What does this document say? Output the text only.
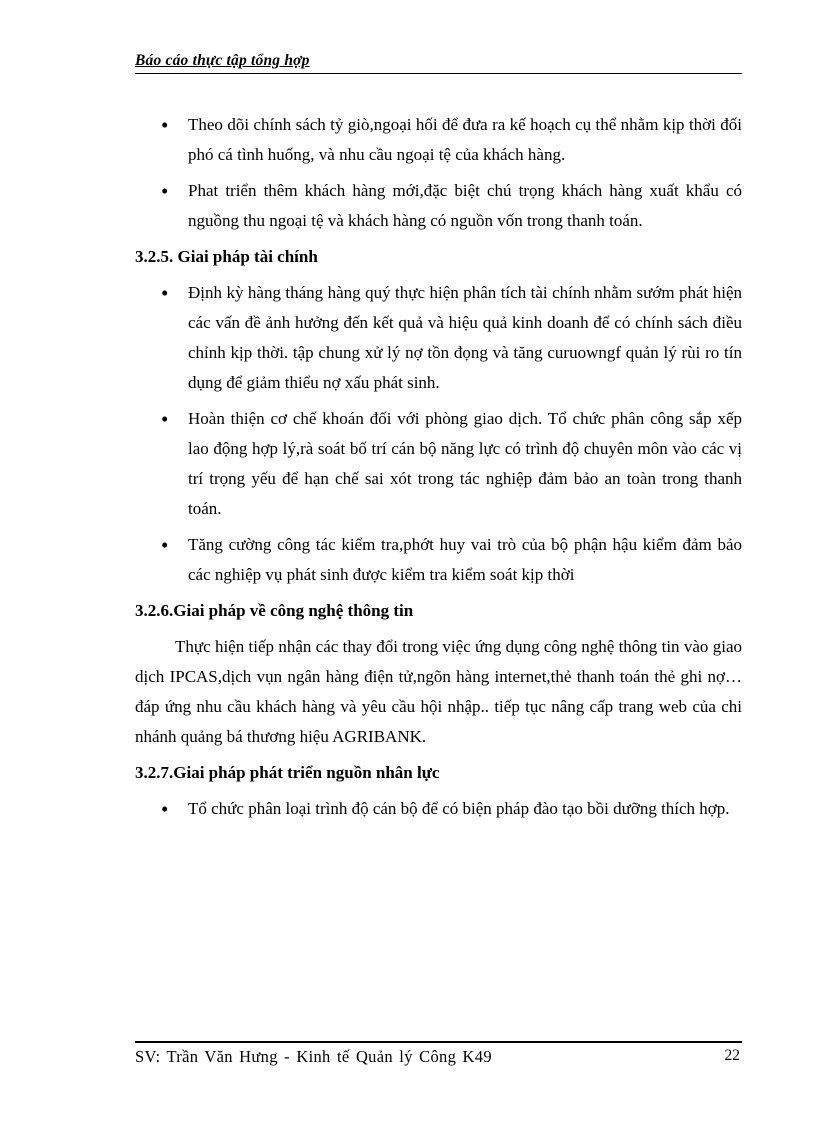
Báo cáo thực tập tổng hợp
•	Theo dõi chính sách tỷ giò,ngoại hối để đưa ra kế hoạch cụ thể nhằm kịp thời đối phó cá tình huống, và nhu cầu ngoại tệ của khách hàng.
•	Phat triển thêm khách hàng mới,đặc biệt chú trọng khách hàng xuất khẩu có nguồng thu ngoại tệ và khách hàng có nguồn vốn trong thanh toán.
3.2.5. Giai pháp tài chính
•	Định kỳ hàng tháng hàng quý thực hiện phân tích tài chính nhằm sướm phát hiện các vấn đề ảnh hưởng đến kết quả và hiệu quả kinh doanh để có chính sách điều chỉnh kịp thời. tập chung xử lý nợ tồn đọng và tăng curuowngf quản lý rùi ro tín dụng để giảm thiểu nợ xấu phát sinh.
•	Hoàn thiện cơ chế khoán đối với phòng giao dịch. Tổ chức phân công sắp xếp lao động hợp lý,rà soát bố trí cán bộ năng lực có trình độ chuyên môn vào các vị trí trọng yếu để hạn chế sai xót trong tác nghiệp đảm bảo an toàn trong thanh toán.
•	Tăng cường công tác kiểm tra,phớt huy vai trò của bộ phận hậu kiểm đảm bảo các nghiệp vụ phát sinh được kiểm tra kiểm soát kịp thời
3.2.6.Giai pháp về công nghệ thông tin

Thực hiện tiếp nhận các thay đổi trong việc ứng dụng công nghệ thông tin vào giao dịch IPCAS,dịch vụn ngân hàng điện tử,ngõn hàng internet,thẻ thanh toán thẻ ghi nợ… đáp ứng nhu cầu khách hàng và yêu cầu hội nhập.. tiếp tục nâng cấp trang web của chi nhánh quảng bá thương hiệu AGRIBANK.

3.2.7.Giai pháp phát triển nguồn nhân lực
•	Tổ chức phân loại trình độ cán bộ để có biện pháp đào tạo bồi dưỡng thích hợp.
SV: Trần Văn Hưng - Kinh tế Quản lý Công K49	22
